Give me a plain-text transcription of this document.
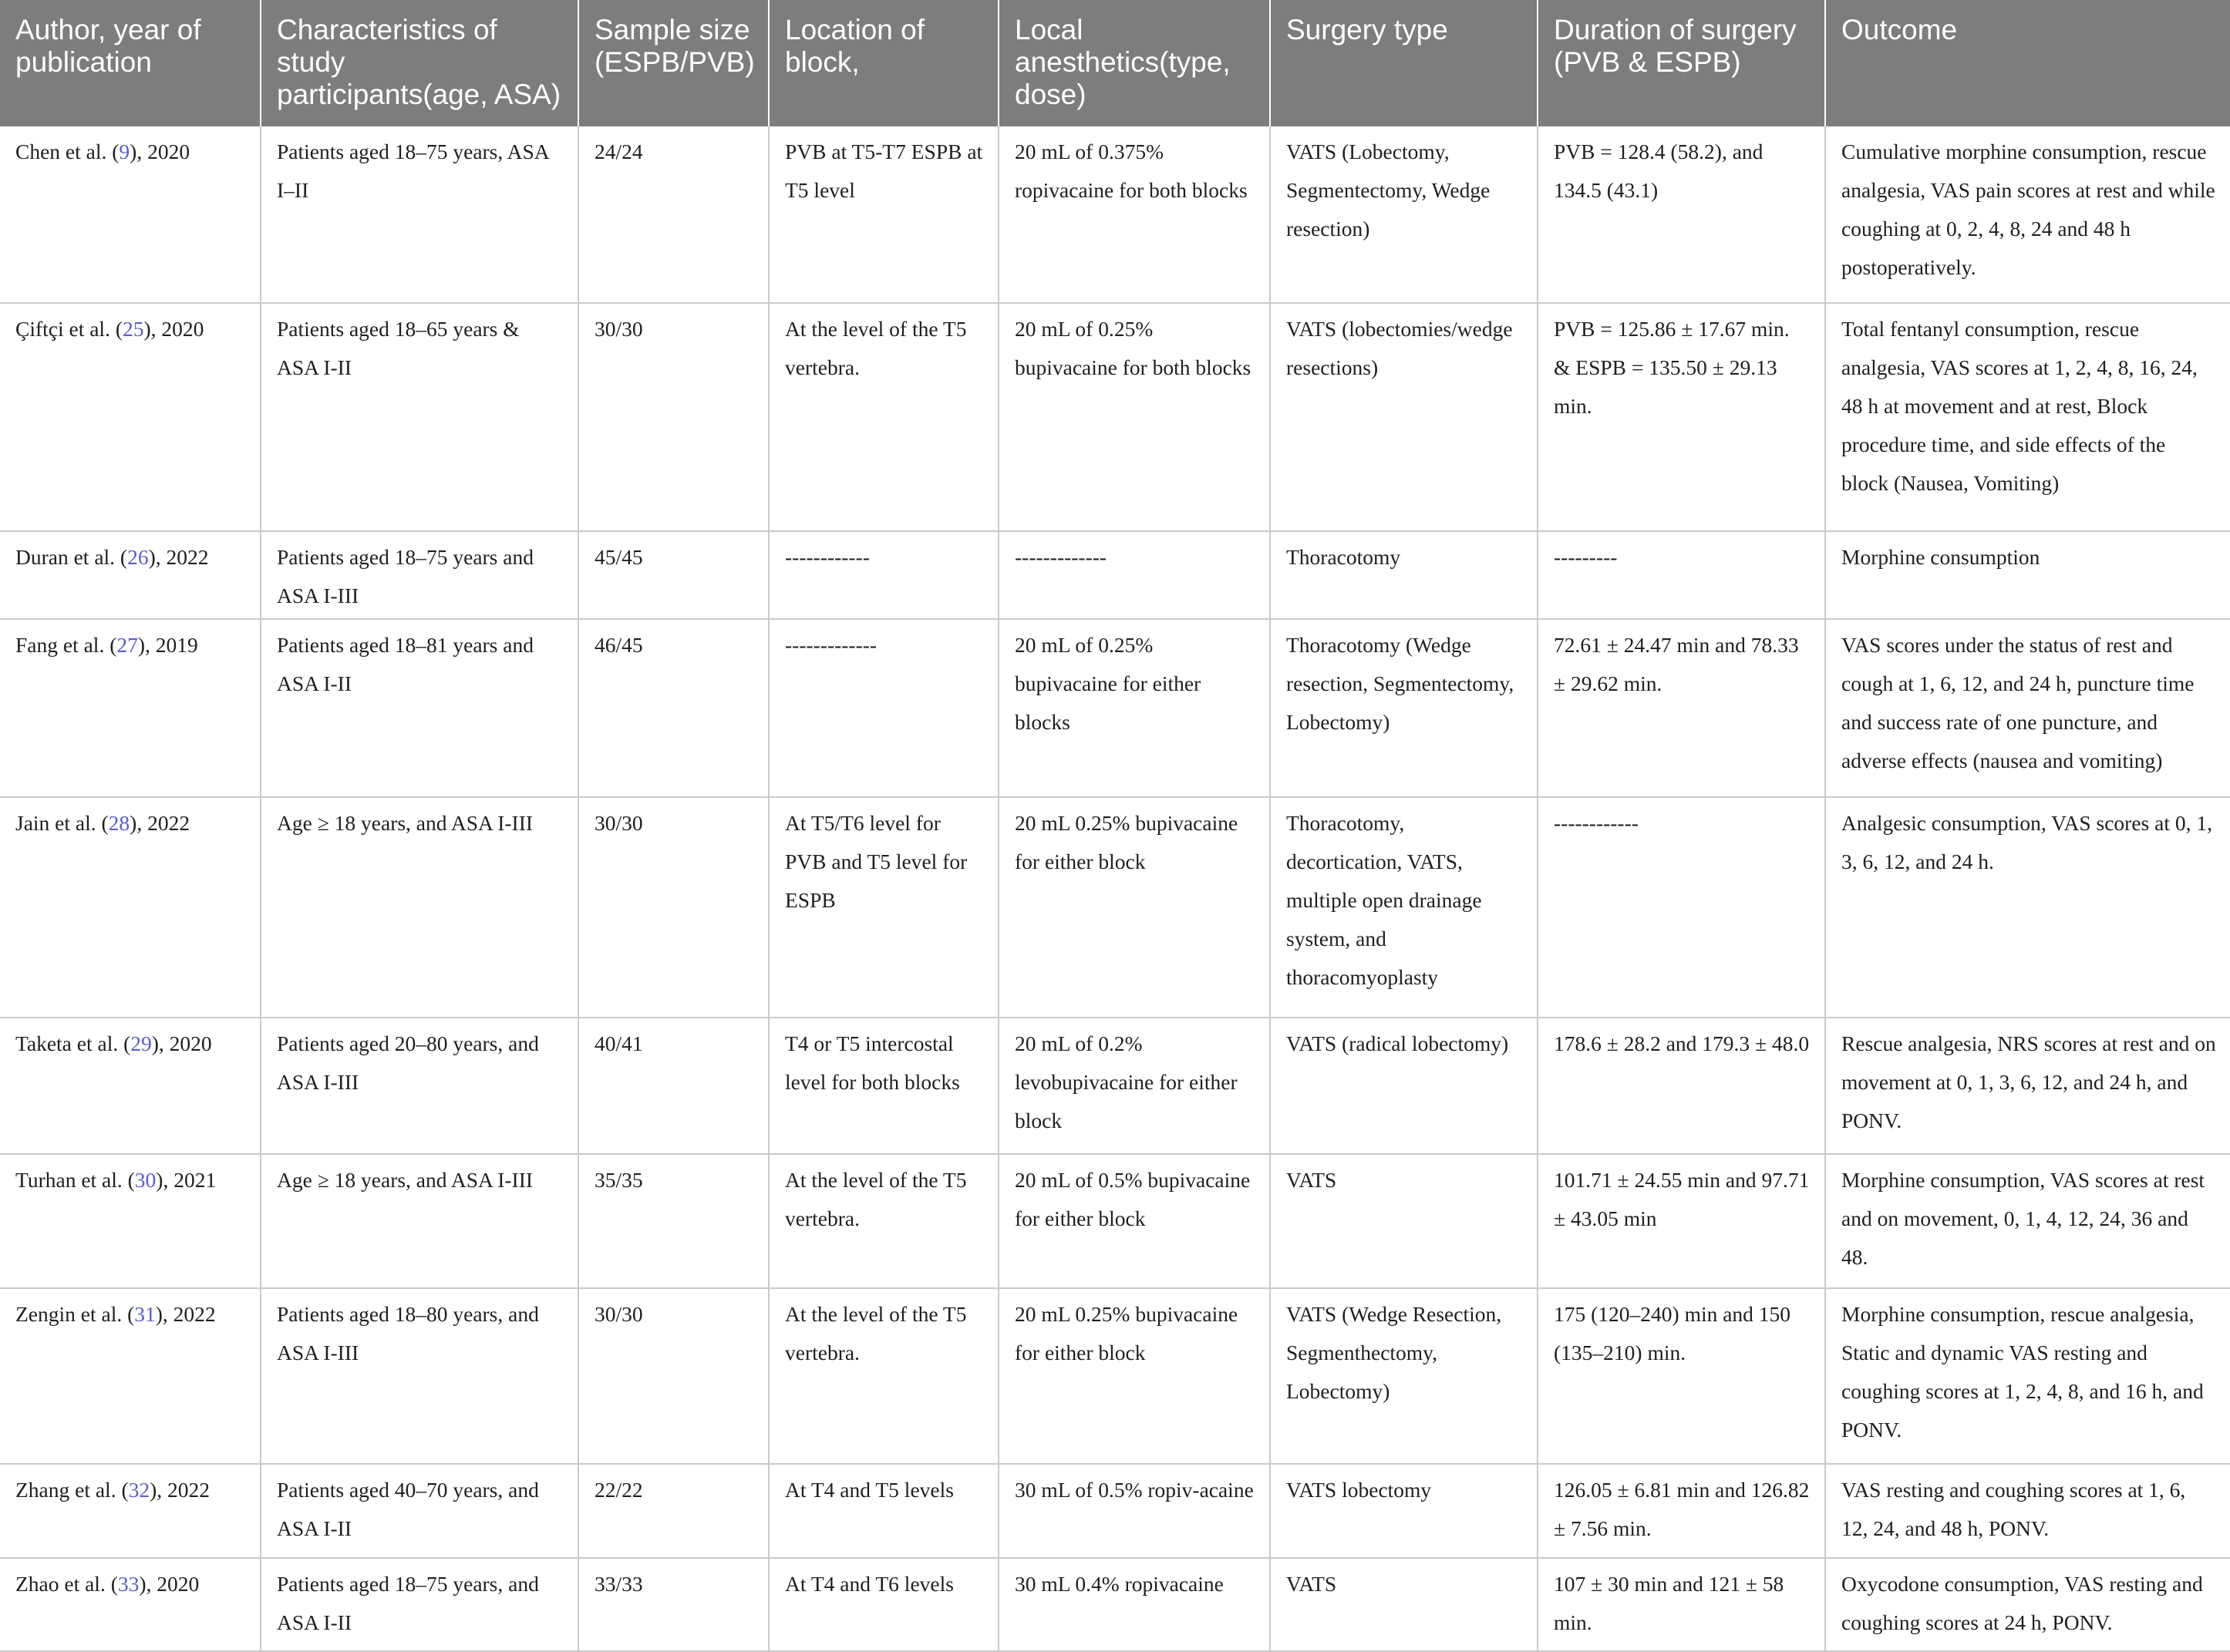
Author, year of publication	Characteristics of study participants(age, ASA)	Sample size (ESPB/PVB)	Location of block,	Local anesthetics(type, dose)	Surgery type	Duration of surgery (PVB & ESPB)	Outcome
Chen et al. (9), 2020	Patients aged 18–75 years, ASA I–II	24/24	PVB at T5-T7 ESPB at T5 level	20 mL of 0.375% ropivacaine for both blocks	VATS (Lobectomy, Segmentectomy, Wedge resection)	PVB = 128.4 (58.2), and 134.5 (43.1)	Cumulative morphine consumption, rescue analgesia, VAS pain scores at rest and while coughing at 0, 2, 4, 8, 24 and 48 h postoperatively.
Çiftçi et al. (25), 2020	Patients aged 18–65 years & ASA I-II	30/30	At the level of the T5 vertebra.	20 mL of 0.25% bupivacaine for both blocks	VATS (lobectomies/wedge resections)	PVB = 125.86 ± 17.67 min. & ESPB = 135.50 ± 29.13 min.	Total fentanyl consumption, rescue analgesia, VAS scores at 1, 2, 4, 8, 16, 24, 48 h at movement and at rest, Block procedure time, and side effects of the block (Nausea, Vomiting)
Duran et al. (26), 2022	Patients aged 18–75 years and ASA I-III	45/45	------------	-------------	Thoracotomy	---------	Morphine consumption
Fang et al. (27), 2019	Patients aged 18–81 years and ASA I-II	46/45	-------------	20 mL of 0.25% bupivacaine for either blocks	Thoracotomy (Wedge resection, Segmentectomy, Lobectomy)	72.61 ± 24.47 min and 78.33 ± 29.62 min.	VAS scores under the status of rest and cough at 1, 6, 12, and 24 h, puncture time and success rate of one puncture, and adverse effects (nausea and vomiting)
Jain et al. (28), 2022	Age ≥ 18 years, and ASA I-III	30/30	At T5/T6 level for PVB and T5 level for ESPB	20 mL 0.25% bupivacaine for either block	Thoracotomy, decortication, VATS, multiple open drainage system, and thoracomyoplasty	------------	Analgesic consumption, VAS scores at 0, 1, 3, 6, 12, and 24 h.
Taketa et al. (29), 2020	Patients aged 20–80 years, and ASA I-III	40/41	T4 or T5 intercostal level for both blocks	20 mL of 0.2% levobupivacaine for either block	VATS (radical lobectomy)	178.6 ± 28.2 and 179.3 ± 48.0	Rescue analgesia, NRS scores at rest and on movement at 0, 1, 3, 6, 12, and 24 h, and PONV.
Turhan et al. (30), 2021	Age ≥ 18 years, and ASA I-III	35/35	At the level of the T5 vertebra.	20 mL of 0.5% bupivacaine for either block	VATS	101.71 ± 24.55 min and 97.71 ± 43.05 min	Morphine consumption, VAS scores at rest and on movement, 0, 1, 4, 12, 24, 36 and 48.
Zengin et al. (31), 2022	Patients aged 18–80 years, and ASA I-III	30/30	At the level of the T5 vertebra.	20 mL 0.25% bupivacaine for either block	VATS (Wedge Resection, Segmenthectomy, Lobectomy)	175 (120–240) min and 150 (135–210) min.	Morphine consumption, rescue analgesia, Static and dynamic VAS resting and coughing scores at 1, 2, 4, 8, and 16 h, and PONV.
Zhang et al. (32), 2022	Patients aged 40–70 years, and ASA I-II	22/22	At T4 and T5 levels	30 mL of 0.5% ropiv-acaine	VATS lobectomy	126.05 ± 6.81 min and 126.82 ± 7.56 min.	VAS resting and coughing scores at 1, 6, 12, 24, and 48 h, PONV.
Zhao et al. (33), 2020	Patients aged 18–75 years, and ASA I-II	33/33	At T4 and T6 levels	30 mL 0.4% ropivacaine	VATS	107 ± 30 min and 121 ± 58 min.	Oxycodone consumption, VAS resting and coughing scores at 24 h, PONV.
